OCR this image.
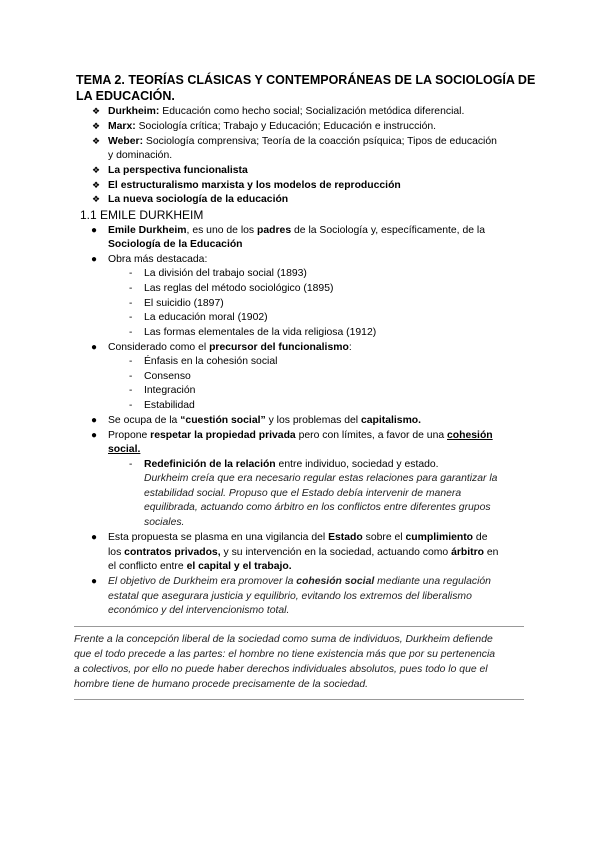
TEMA 2. TEORÍAS CLÁSICAS Y CONTEMPORÁNEAS DE LA SOCIOLOGÍA DE LA EDUCACIÓN.
❖ Durkheim: Educación como hecho social; Socialización metódica diferencial.
❖ Marx: Sociología crítica; Trabajo y Educación; Educación e instrucción.
❖ Weber: Sociología comprensiva; Teoría de la coacción psíquica; Tipos de educación
y dominación.
❖ La perspectiva funcionalista
❖ El estructuralismo marxista y los modelos de reproducción
❖ La nueva sociología de la educación
1.1 EMILE DURKHEIM
● Emile Durkheim, es uno de los padres de la Sociología y, específicamente, de la
Sociología de la Educación
● Obra más destacada:
- La división del trabajo social (1893)
- Las reglas del método sociológico (1895)
- El suicidio (1897)
- La educación moral (1902)
- Las formas elementales de la vida religiosa (1912)
● Considerado como el precursor del funcionalismo:
- Énfasis en la cohesión social
- Consenso
- Integración
- Estabilidad
● Se ocupa de la “cuestión social” y los problemas del capitalismo.
● Propone respetar la propiedad privada pero con límites, a favor de una cohesión
social.
- Redefinición de la relación entre individuo, sociedad y estado.
Durkheim creía que era necesario regular estas relaciones para garantizar la
estabilidad social. Propuso que el Estado debía intervenir de manera
equilibrada, actuando como árbitro en los conflictos entre diferentes grupos
sociales.
● Esta propuesta se plasma en una vigilancia del Estado sobre el cumplimiento de
los contratos privados, y su intervención en la sociedad, actuando como árbitro en
el conflicto entre el capital y el trabajo.
● El objetivo de Durkheim era promover la cohesión social mediante una regulación
estatal que asegurara justicia y equilibrio, evitando los extremos del liberalismo
económico y del intervencionismo total.
Frente a la concepción liberal de la sociedad como suma de individuos, Durkheim defiende
que el todo precede a las partes: el hombre no tiene existencia más que por su pertenencia
a colectivos, por ello no puede haber derechos individuales absolutos, pues todo lo que el
hombre tiene de humano procede precisamente de la sociedad.
